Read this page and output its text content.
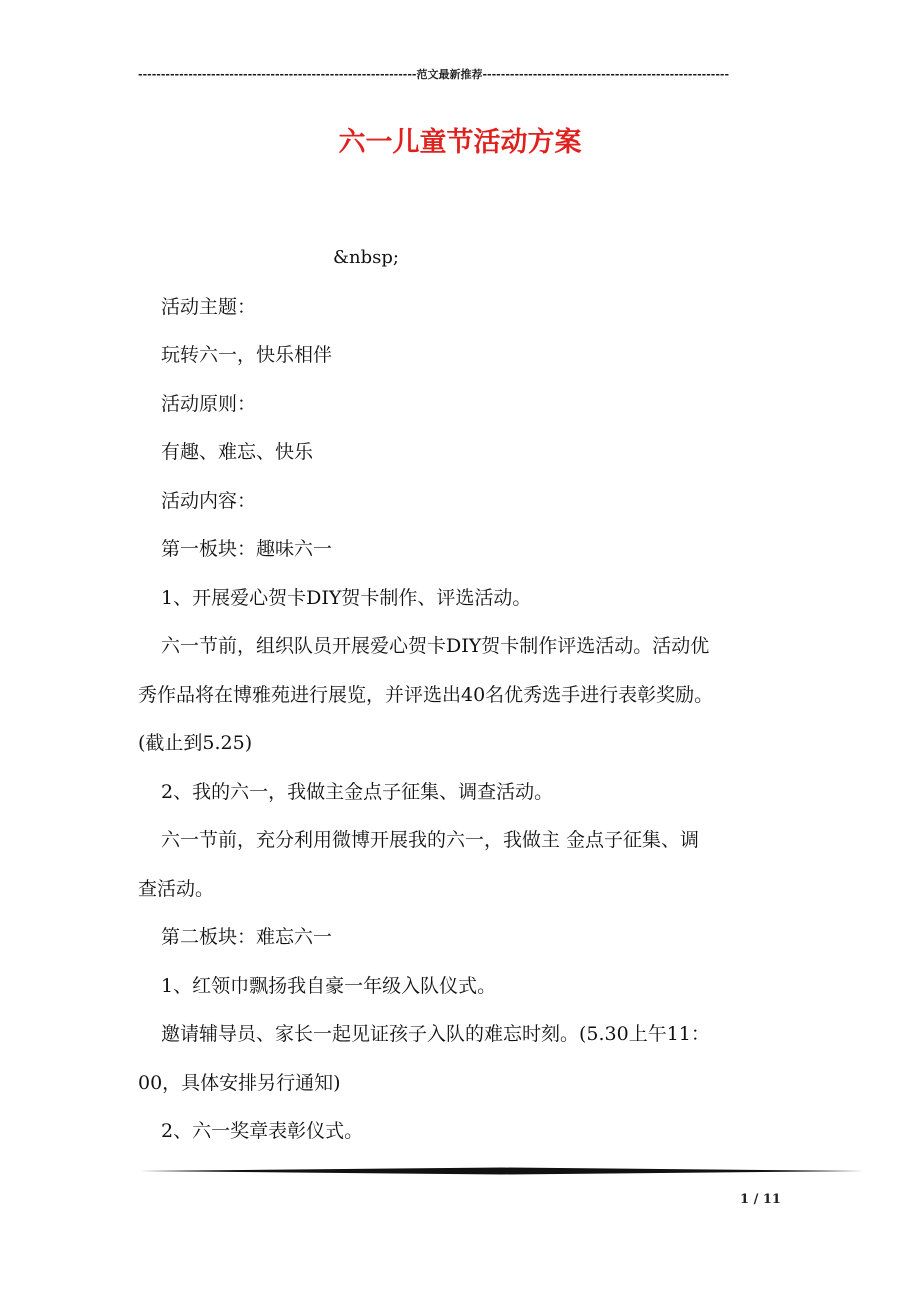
-------------------------------------------------------------范文最新推荐------------------------------------------------------
六一儿童节活动方案
&nbsp;
活动主题：
玩转六一，快乐相伴
活动原则：
有趣、难忘、快乐
活动内容：
第一板块：趣味六一
1、开展爱心贺卡DIY贺卡制作、评选活动。
六一节前，组织队员开展爱心贺卡DIY贺卡制作评选活动。活动优
秀作品将在博雅苑进行展览，并评选出40名优秀选手进行表彰奖励。
(截止到5.25)
2、我的六一，我做主金点子征集、调查活动。
六一节前，充分利用微博开展我的六一，我做主 金点子征集、调
查活动。
第二板块：难忘六一
1、红领巾飘扬我自豪一年级入队仪式。
邀请辅导员、家长一起见证孩子入队的难忘时刻。(5.30上午11：
00，具体安排另行通知)
2、六一奖章表彰仪式。
1 / 11
